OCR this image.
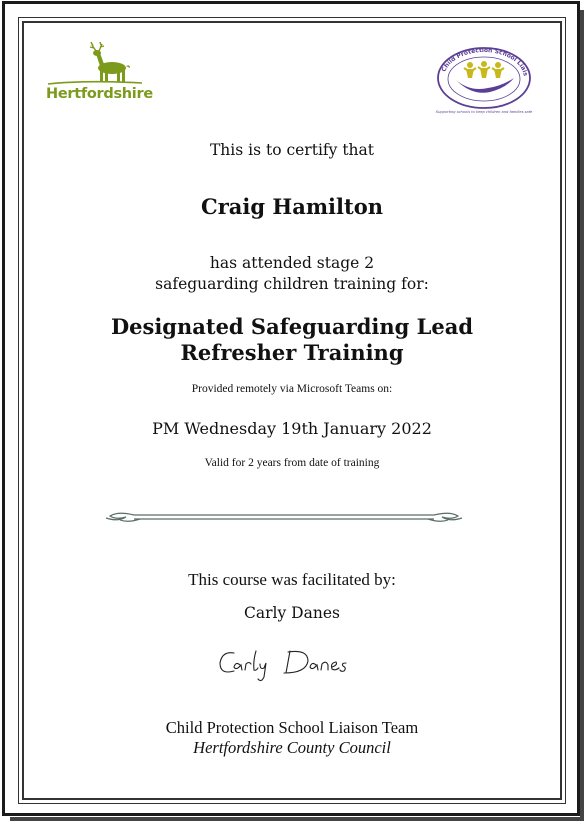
Hertfordshire
Child Protection School Liais
Supporting schools to keep children and families safe
This is to certify that
Craig Hamilton
has attended stage 2
safeguarding children training for:
Designated Safeguarding Lead
Refresher Training
Provided remotely via Microsoft Teams on:
PM Wednesday 19th January 2022
Valid for 2 years from date of training
This course was facilitated by:
Carly Danes
Child Protection School Liaison Team
Hertfordshire County Council
